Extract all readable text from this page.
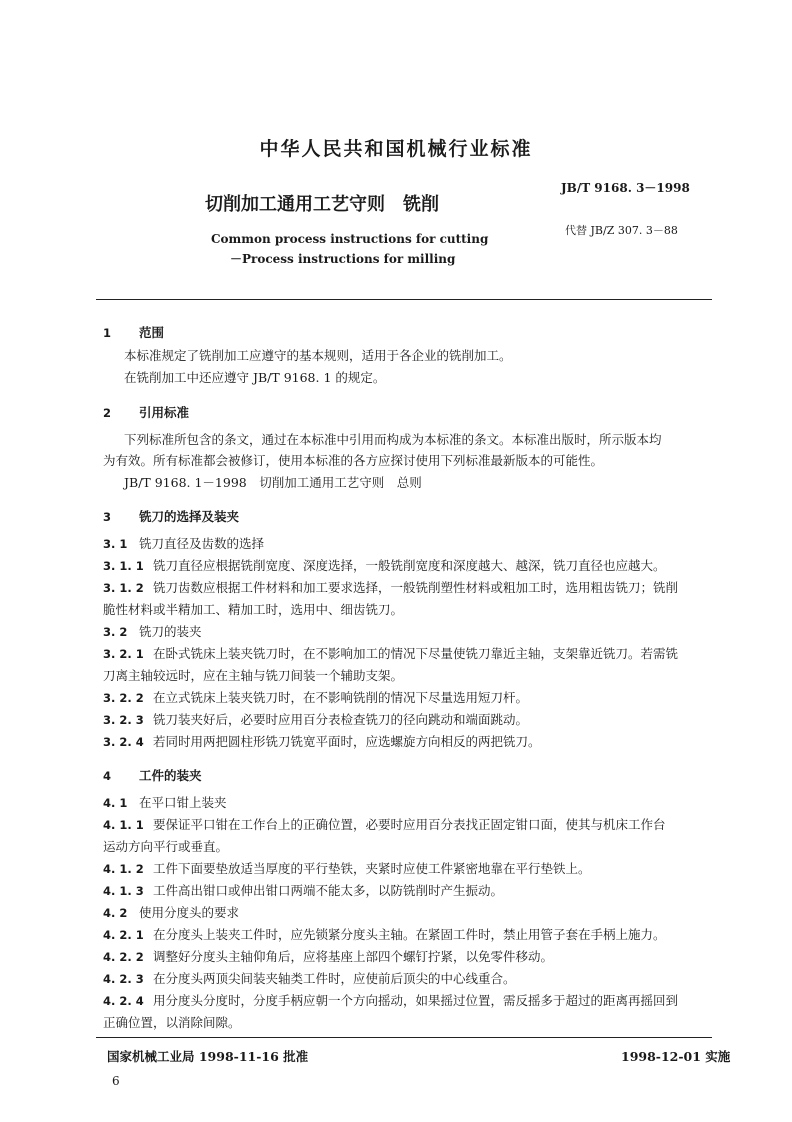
中华人民共和国机械行业标准
切削加工通用工艺守则　铣削
JB/T 9168. 3－1998
代替 JB/Z 307. 3－88
Common process instructions for cutting
－Process instructions for milling
1 范围
本标准规定了铣削加工应遵守的基本规则，适用于各企业的铣削加工。
在铣削加工中还应遵守 JB/T 9168. 1 的规定。
2 引用标准
下列标准所包含的条文，通过在本标准中引用而构成为本标准的条文。本标准出版时，所示版本均
为有效。所有标准都会被修订，使用本标准的各方应探讨使用下列标准最新版本的可能性。
JB/T 9168. 1－1998　切削加工通用工艺守则　总则
3 铣刀的选择及装夹
3. 1 铣刀直径及齿数的选择
3. 1. 1 铣刀直径应根据铣削宽度、深度选择，一般铣削宽度和深度越大、越深，铣刀直径也应越大。
3. 1. 2 铣刀齿数应根据工件材料和加工要求选择，一般铣削塑性材料或粗加工时，选用粗齿铣刀；铣削
脆性材料或半精加工、精加工时，选用中、细齿铣刀。
3. 2 铣刀的装夹
3. 2. 1 在卧式铣床上装夹铣刀时，在不影响加工的情况下尽量使铣刀靠近主轴，支架靠近铣刀。若需铣
刀离主轴较远时，应在主轴与铣刀间装一个辅助支架。
3. 2. 2 在立式铣床上装夹铣刀时，在不影响铣削的情况下尽量选用短刀杆。
3. 2. 3 铣刀装夹好后，必要时应用百分表检查铣刀的径向跳动和端面跳动。
3. 2. 4 若同时用两把圆柱形铣刀铣宽平面时，应选螺旋方向相反的两把铣刀。
4 工件的装夹
4. 1 在平口钳上装夹
4. 1. 1 要保证平口钳在工作台上的正确位置，必要时应用百分表找正固定钳口面，使其与机床工作台
运动方向平行或垂直。
4. 1. 2 工件下面要垫放适当厚度的平行垫铁，夹紧时应使工件紧密地靠在平行垫铁上。
4. 1. 3 工件高出钳口或伸出钳口两端不能太多，以防铣削时产生振动。
4. 2 使用分度头的要求
4. 2. 1 在分度头上装夹工件时，应先锁紧分度头主轴。在紧固工件时，禁止用管子套在手柄上施力。
4. 2. 2 调整好分度头主轴仰角后，应将基座上部四个螺钉拧紧，以免零件移动。
4. 2. 3 在分度头两顶尖间装夹轴类工件时，应使前后顶尖的中心线重合。
4. 2. 4 用分度头分度时，分度手柄应朝一个方向摇动，如果摇过位置，需反摇多于超过的距离再摇回到
正确位置，以消除间隙。
国家机械工业局 1998-11-16 批准	1998-12-01 实施
6
